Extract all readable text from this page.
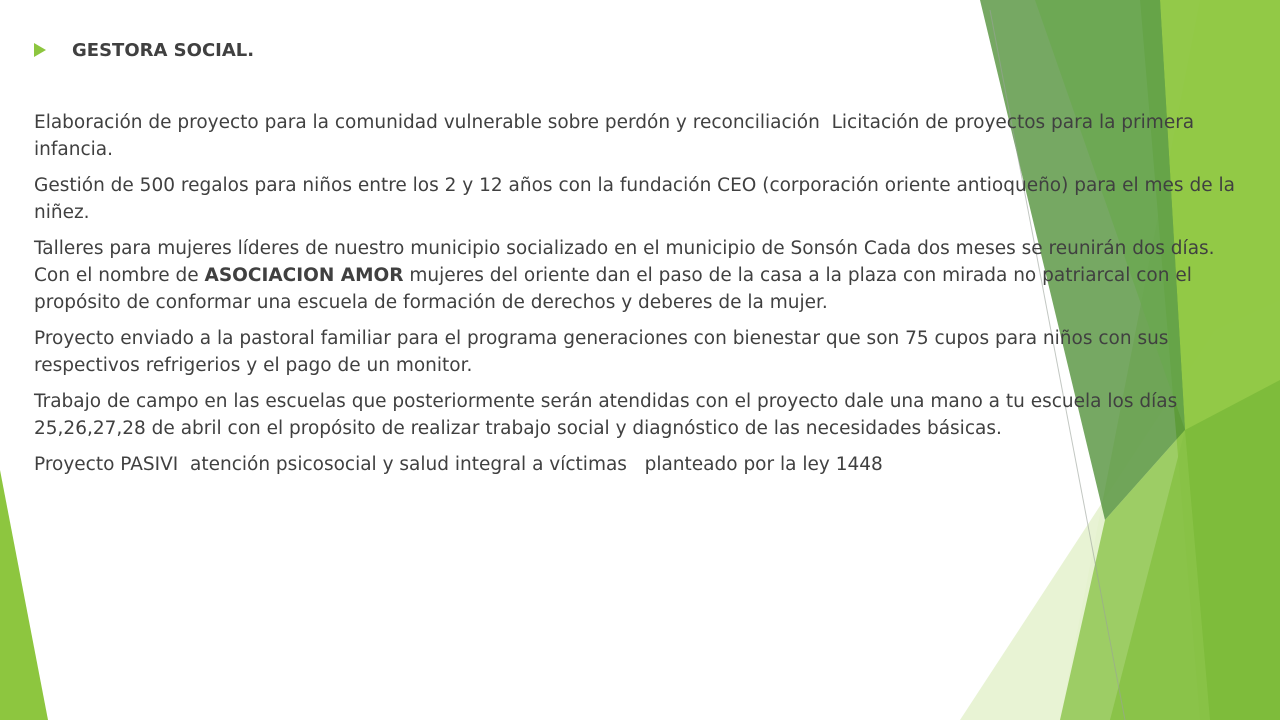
GESTORA SOCIAL.

Elaboración de proyecto para la comunidad vulnerable sobre perdón y reconciliación  Licitación de proyectos para la primera infancia.

Gestión de 500 regalos para niños entre los 2 y 12 años con la fundación CEO (corporación oriente antioqueño) para el mes de la niñez.

Talleres para mujeres líderes de nuestro municipio socializado en el municipio de Sonsón Cada dos meses se reunirán dos días.  Con el nombre de ASOCIACION AMOR mujeres del oriente dan el paso de la casa a la plaza con mirada no patriarcal con el propósito de conformar una escuela de formación de derechos y deberes de la mujer.

Proyecto enviado a la pastoral familiar para el programa generaciones con bienestar que son 75 cupos para niños con sus respectivos refrigerios y el pago de un monitor.

Trabajo de campo en las escuelas que posteriormente serán atendidas con el proyecto dale una mano a tu escuela los días 25,26,27,28 de abril con el propósito de realizar trabajo social y diagnóstico de las necesidades básicas.

Proyecto PASIVI  atención psicosocial y salud integral a víctimas   planteado por la ley 1448
